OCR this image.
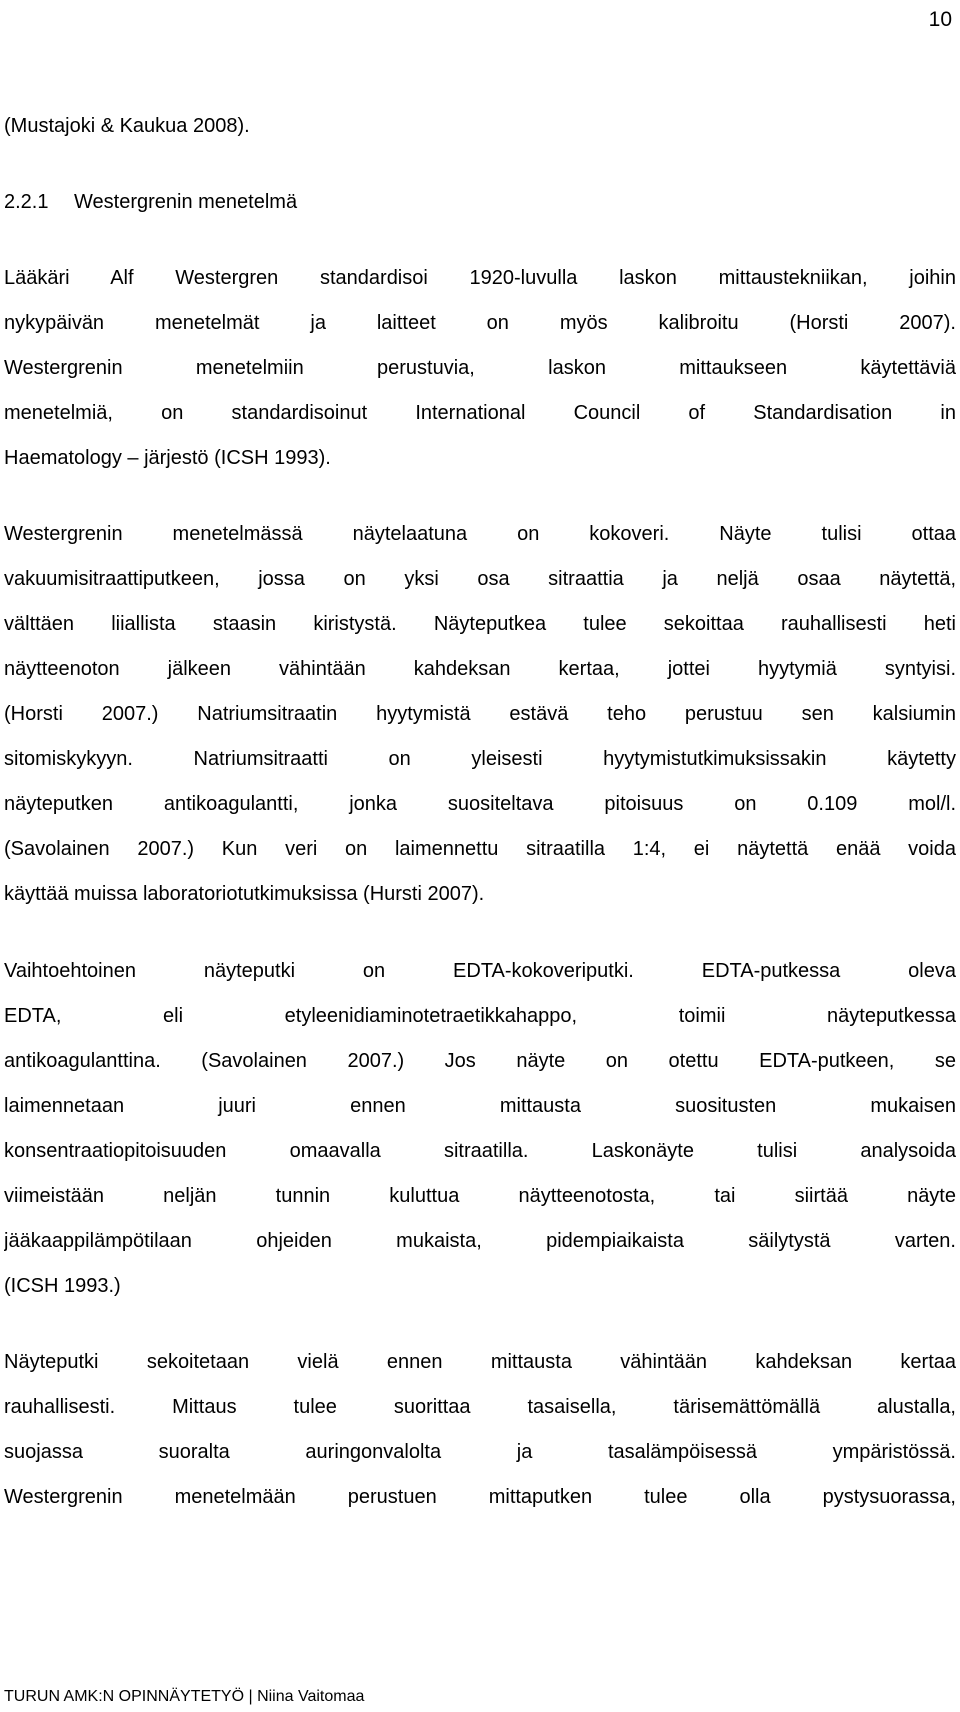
10

(Mustajoki & Kaukua 2008).

2.2.1 Westergrenin menetelmä

Lääkäri Alf Westergren standardisoi 1920-luvulla laskon mittaustekniikan, joihin
nykypäivän menetelmät ja laitteet on myös kalibroitu (Horsti 2007).
Westergrenin menetelmiin perustuvia, laskon mittaukseen käytettäviä
menetelmiä, on standardisoinut International Council of Standardisation in
Haematology – järjestö (ICSH 1993).

Westergrenin menetelmässä näytelaatuna on kokoveri. Näyte tulisi ottaa
vakuumisitraattiputkeen, jossa on yksi osa sitraattia ja neljä osaa näytettä,
välttäen liiallista staasin kiristystä. Näyteputkea tulee sekoittaa rauhallisesti heti
näytteenoton jälkeen vähintään kahdeksan kertaa, jottei hyytymiä syntyisi.
(Horsti 2007.) Natriumsitraatin hyytymistä estävä teho perustuu sen kalsiumin
sitomiskykyyn. Natriumsitraatti on yleisesti hyytymistutkimuksissakin käytetty
näyteputken antikoagulantti, jonka suositeltava pitoisuus on 0.109 mol/l.
(Savolainen 2007.) Kun veri on laimennettu sitraatilla 1:4, ei näytettä enää voida
käyttää muissa laboratoriotutkimuksissa (Hursti 2007).

Vaihtoehtoinen näyteputki on EDTA-kokoveriputki. EDTA-putkessa oleva
EDTA, eli etyleenidiaminotetraetikkahappo, toimii näyteputkessa
antikoagulanttina. (Savolainen 2007.) Jos näyte on otettu EDTA-putkeen, se
laimennetaan juuri ennen mittausta suositusten mukaisen
konsentraatiopitoisuuden omaavalla sitraatilla. Laskonäyte tulisi analysoida
viimeistään neljän tunnin kuluttua näytteenotosta, tai siirtää näyte
jääkaappilämpötilaan ohjeiden mukaista, pidempiaikaista säilytystä varten.
(ICSH 1993.)

Näyteputki sekoitetaan vielä ennen mittausta vähintään kahdeksan kertaa
rauhallisesti. Mittaus tulee suorittaa tasaisella, tärisemättömällä alustalla,
suojassa suoralta auringonvalolta ja tasalämpöisessä ympäristössä.
Westergrenin menetelmään perustuen mittaputken tulee olla pystysuorassa,

TURUN AMK:N OPINNÄYTETYÖ | Niina Vaitomaa
